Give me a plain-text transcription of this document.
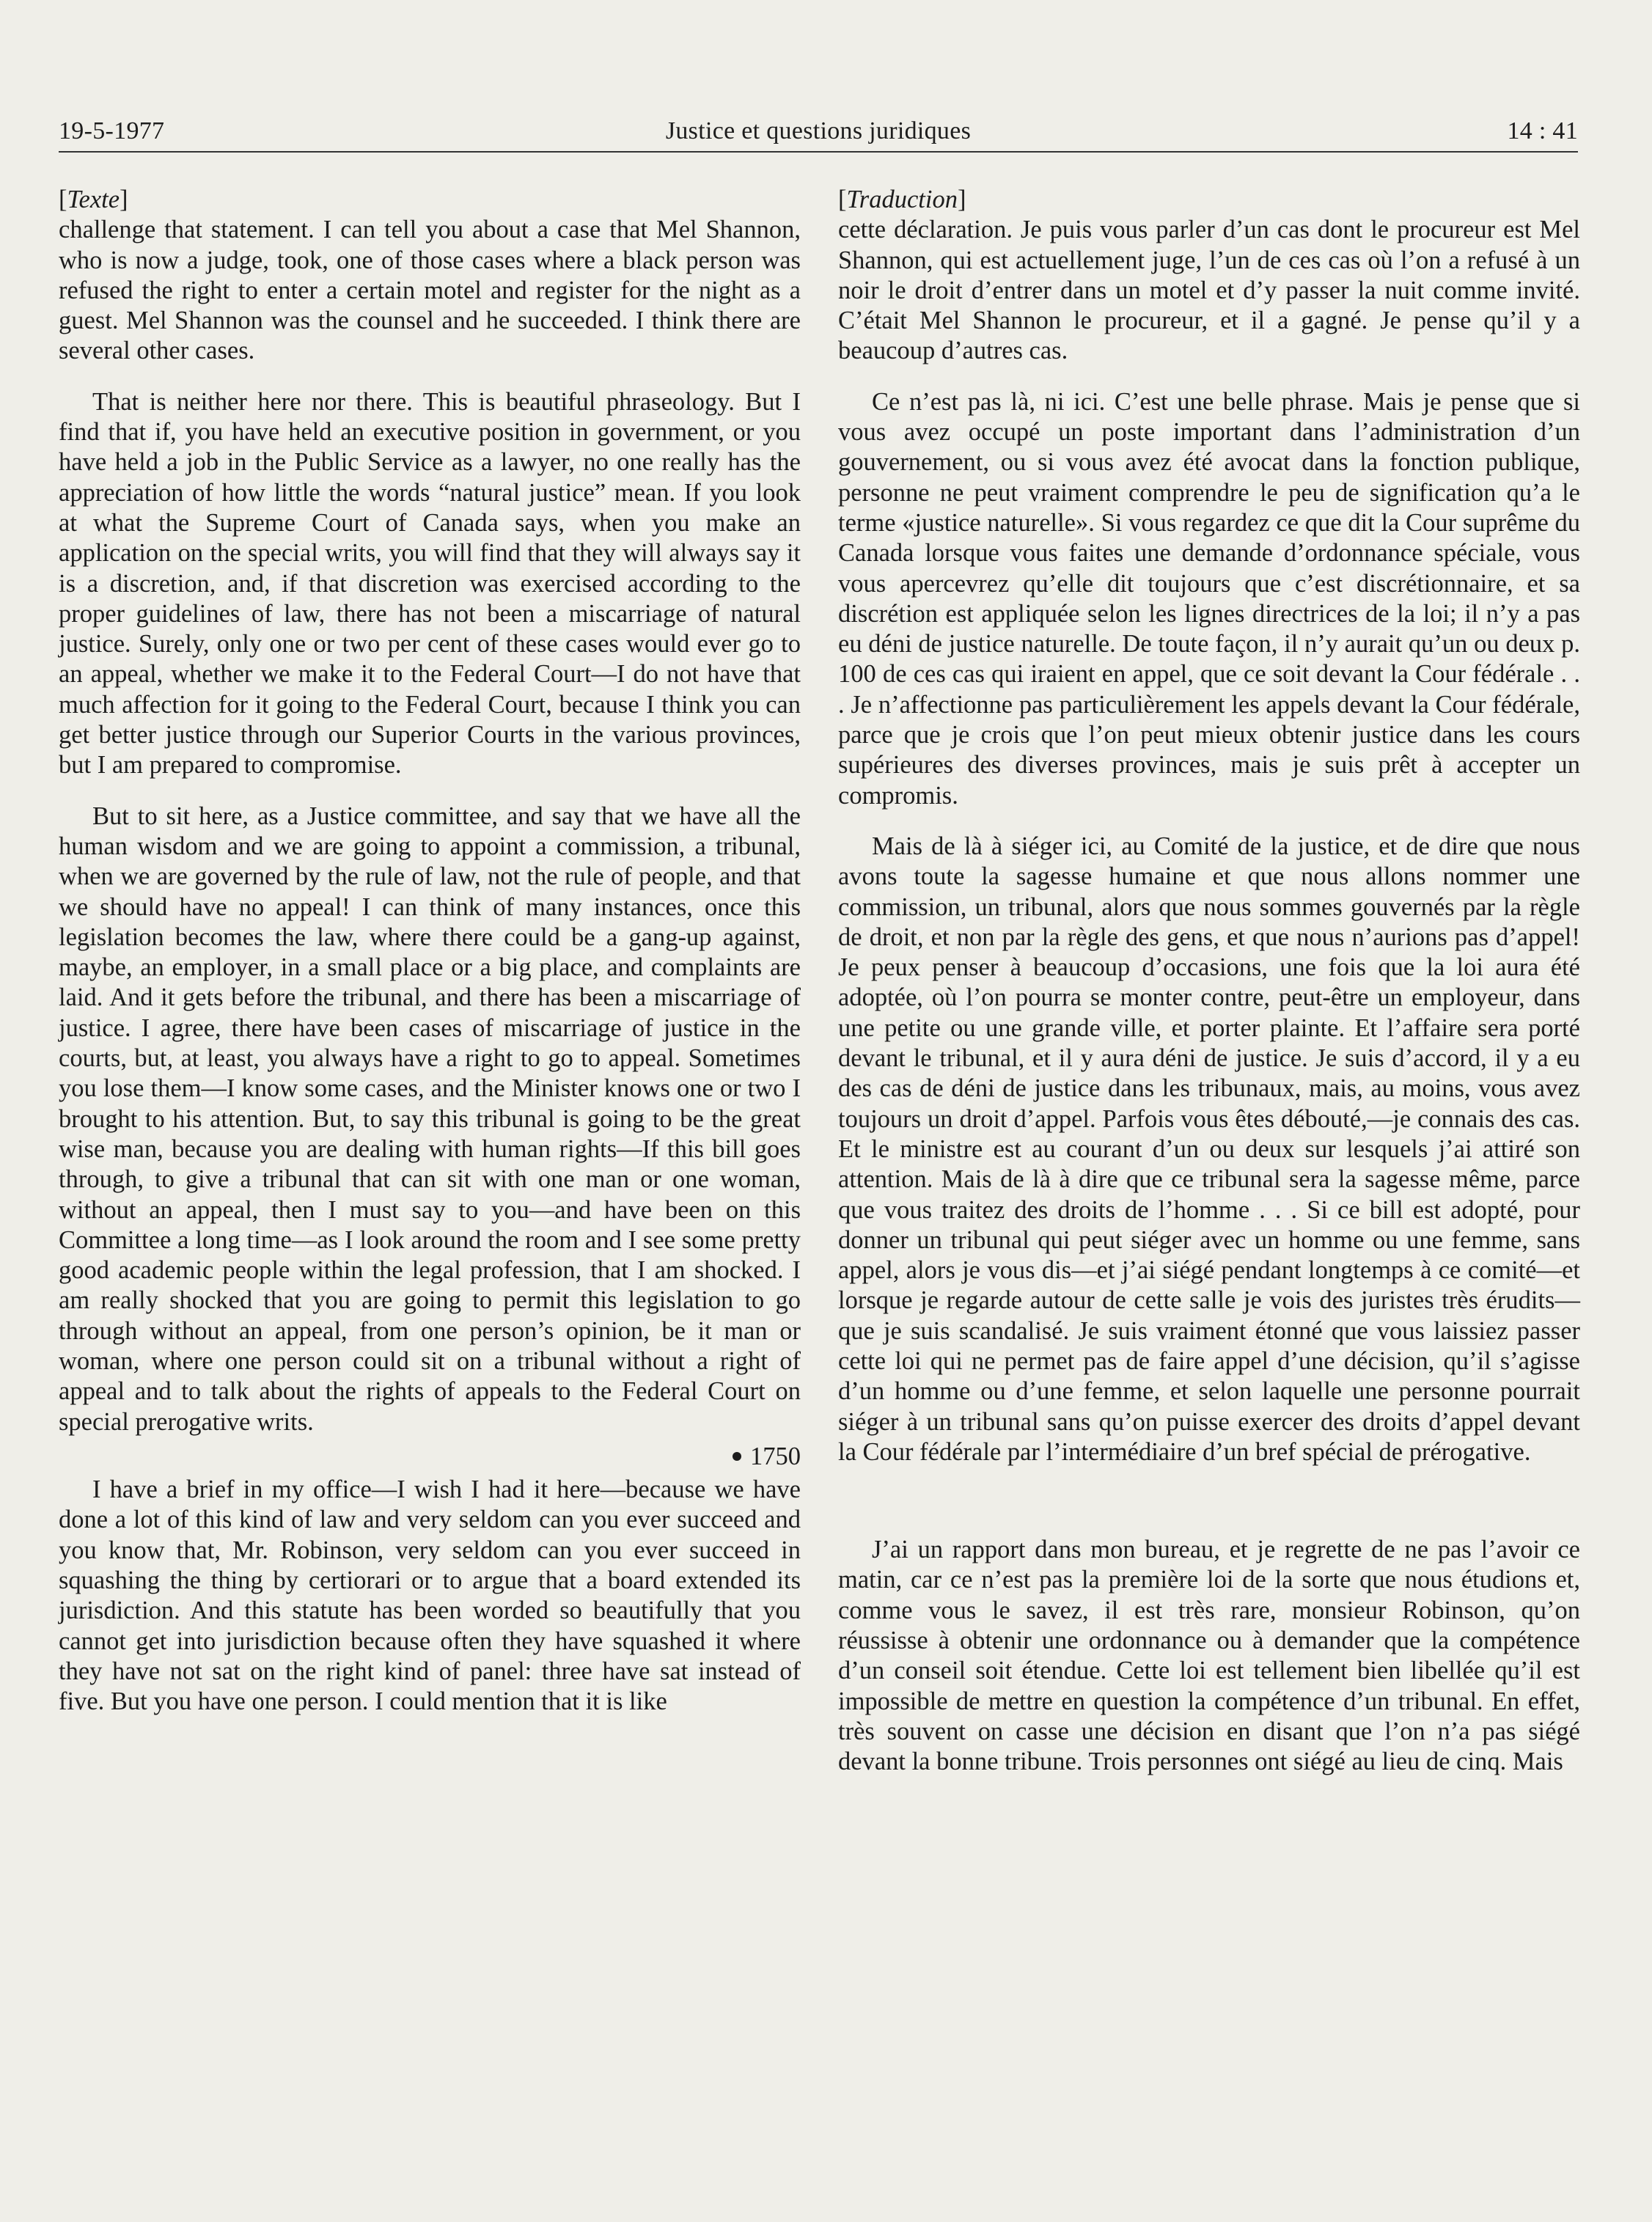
19-5-1977	Justice et questions juridiques	14 : 41

[Texte]

challenge that statement. I can tell you about a case that Mel Shannon, who is now a judge, took, one of those cases where a black person was refused the right to enter a certain motel and register for the night as a guest. Mel Shannon was the counsel and he succeeded. I think there are several other cases.

That is neither here nor there. This is beautiful phraseology. But I find that if, you have held an executive position in government, or you have held a job in the Public Service as a lawyer, no one really has the appreciation of how little the words “natural justice” mean. If you look at what the Supreme Court of Canada says, when you make an application on the special writs, you will find that they will always say it is a discretion, and, if that discretion was exercised according to the proper guidelines of law, there has not been a miscarriage of natural justice. Surely, only one or two per cent of these cases would ever go to an appeal, whether we make it to the Federal Court—I do not have that much affection for it going to the Federal Court, because I think you can get better justice through our Superior Courts in the various provinces, but I am prepared to compromise.

But to sit here, as a Justice committee, and say that we have all the human wisdom and we are going to appoint a commission, a tribunal, when we are governed by the rule of law, not the rule of people, and that we should have no appeal! I can think of many instances, once this legislation becomes the law, where there could be a gang-up against, maybe, an employer, in a small place or a big place, and complaints are laid. And it gets before the tribunal, and there has been a miscarriage of justice. I agree, there have been cases of miscarriage of justice in the courts, but, at least, you always have a right to go to appeal. Sometimes you lose them—I know some cases, and the Minister knows one or two I brought to his attention. But, to say this tribunal is going to be the great wise man, because you are dealing with human rights—If this bill goes through, to give a tribunal that can sit with one man or one woman, without an appeal, then I must say to you—and have been on this Committee a long time—as I look around the room and I see some pretty good academic people within the legal profession, that I am shocked. I am really shocked that you are going to permit this legislation to go through without an appeal, from one person’s opinion, be it man or woman, where one person could sit on a tribunal without a right of appeal and to talk about the rights of appeals to the Federal Court on special prerogative writs.

1750

I have a brief in my office—I wish I had it here—because we have done a lot of this kind of law and very seldom can you ever succeed and you know that, Mr. Robinson, very seldom can you ever succeed in squashing the thing by certiorari or to argue that a board extended its jurisdiction. And this statute has been worded so beautifully that you cannot get into jurisdiction because often they have squashed it where they have not sat on the right kind of panel: three have sat instead of five. But you have one person. I could mention that it is like

[Traduction]

cette déclaration. Je puis vous parler d’un cas dont le procureur est Mel Shannon, qui est actuellement juge, l’un de ces cas où l’on a refusé à un noir le droit d’entrer dans un motel et d’y passer la nuit comme invité. C’était Mel Shannon le procureur, et il a gagné. Je pense qu’il y a beaucoup d’autres cas.

Ce n’est pas là, ni ici. C’est une belle phrase. Mais je pense que si vous avez occupé un poste important dans l’administration d’un gouvernement, ou si vous avez été avocat dans la fonction publique, personne ne peut vraiment comprendre le peu de signification qu’a le terme «justice naturelle». Si vous regardez ce que dit la Cour suprême du Canada lorsque vous faites une demande d’ordonnance spéciale, vous vous apercevrez qu’elle dit toujours que c’est discrétionnaire, et sa discrétion est appliquée selon les lignes directrices de la loi; il n’y a pas eu déni de justice naturelle. De toute façon, il n’y aurait qu’un ou deux p. 100 de ces cas qui iraient en appel, que ce soit devant la Cour fédérale . . . Je n’affectionne pas particulièrement les appels devant la Cour fédérale, parce que je crois que l’on peut mieux obtenir justice dans les cours supérieures des diverses provinces, mais je suis prêt à accepter un compromis.

Mais de là à siéger ici, au Comité de la justice, et de dire que nous avons toute la sagesse humaine et que nous allons nommer une commission, un tribunal, alors que nous sommes gouvernés par la règle de droit, et non par la règle des gens, et que nous n’aurions pas d’appel! Je peux penser à beaucoup d’occasions, une fois que la loi aura été adoptée, où l’on pourra se monter contre, peut-être un employeur, dans une petite ou une grande ville, et porter plainte. Et l’affaire sera porté devant le tribunal, et il y aura déni de justice. Je suis d’accord, il y a eu des cas de déni de justice dans les tribunaux, mais, au moins, vous avez toujours un droit d’appel. Parfois vous êtes débouté,—je connais des cas. Et le ministre est au courant d’un ou deux sur lesquels j’ai attiré son attention. Mais de là à dire que ce tribunal sera la sagesse même, parce que vous traitez des droits de l’homme . . . Si ce bill est adopté, pour donner un tribunal qui peut siéger avec un homme ou une femme, sans appel, alors je vous dis—et j’ai siégé pendant longtemps à ce comité—et lorsque je regarde autour de cette salle je vois des juristes très érudits—que je suis scandalisé. Je suis vraiment étonné que vous laissiez passer cette loi qui ne permet pas de faire appel d’une décision, qu’il s’agisse d’un homme ou d’une femme, et selon laquelle une personne pourrait siéger à un tribunal sans qu’on puisse exercer des droits d’appel devant la Cour fédérale par l’intermédiaire d’un bref spécial de prérogative.

J’ai un rapport dans mon bureau, et je regrette de ne pas l’avoir ce matin, car ce n’est pas la première loi de la sorte que nous étudions et, comme vous le savez, il est très rare, monsieur Robinson, qu’on réussisse à obtenir une ordonnance ou à demander que la compétence d’un conseil soit étendue. Cette loi est tellement bien libellée qu’il est impossible de mettre en question la compétence d’un tribunal. En effet, très souvent on casse une décision en disant que l’on n’a pas siégé devant la bonne tribune. Trois personnes ont siégé au lieu de cinq. Mais
